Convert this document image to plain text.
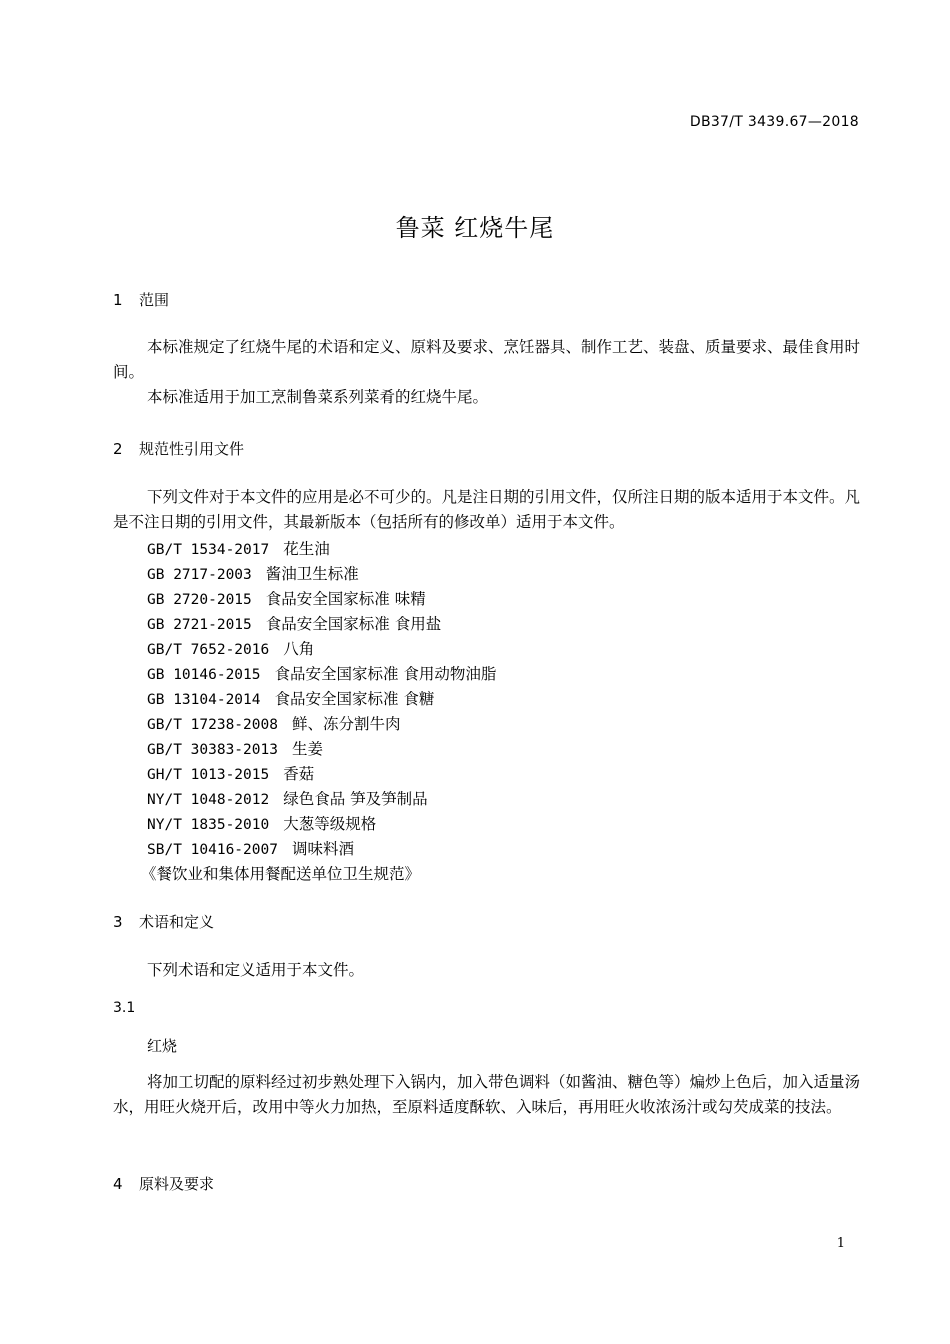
DB37/T 3439.67—2018
鲁菜 红烧牛尾
1 范围
本标准规定了红烧牛尾的术语和定义、原料及要求、烹饪器具、制作工艺、装盘、质量要求、最佳食用时间。
本标准适用于加工烹制鲁菜系列菜肴的红烧牛尾。
2 规范性引用文件
下列文件对于本文件的应用是必不可少的。凡是注日期的引用文件，仅所注日期的版本适用于本文件。凡是不注日期的引用文件，其最新版本（包括所有的修改单）适用于本文件。
GB/T 1534-2017 花生油
GB 2717-2003 酱油卫生标准
GB 2720-2015 食品安全国家标准 味精
GB 2721-2015 食品安全国家标准 食用盐
GB/T 7652-2016 八角
GB 10146-2015 食品安全国家标准 食用动物油脂
GB 13104-2014 食品安全国家标准 食糖
GB/T 17238-2008 鲜、冻分割牛肉
GB/T 30383-2013 生姜
GH/T 1013-2015 香菇
NY/T 1048-2012 绿色食品 笋及笋制品
NY/T 1835-2010 大葱等级规格
SB/T 10416-2007 调味料酒
《餐饮业和集体用餐配送单位卫生规范》
3 术语和定义
下列术语和定义适用于本文件。
3.1
红烧
将加工切配的原料经过初步熟处理下入锅内，加入带色调料（如酱油、糖色等）煸炒上色后，加入适量汤水，用旺火烧开后，改用中等火力加热，至原料适度酥软、入味后，再用旺火收浓汤汁或勾芡成菜的技法。
4 原料及要求
1
